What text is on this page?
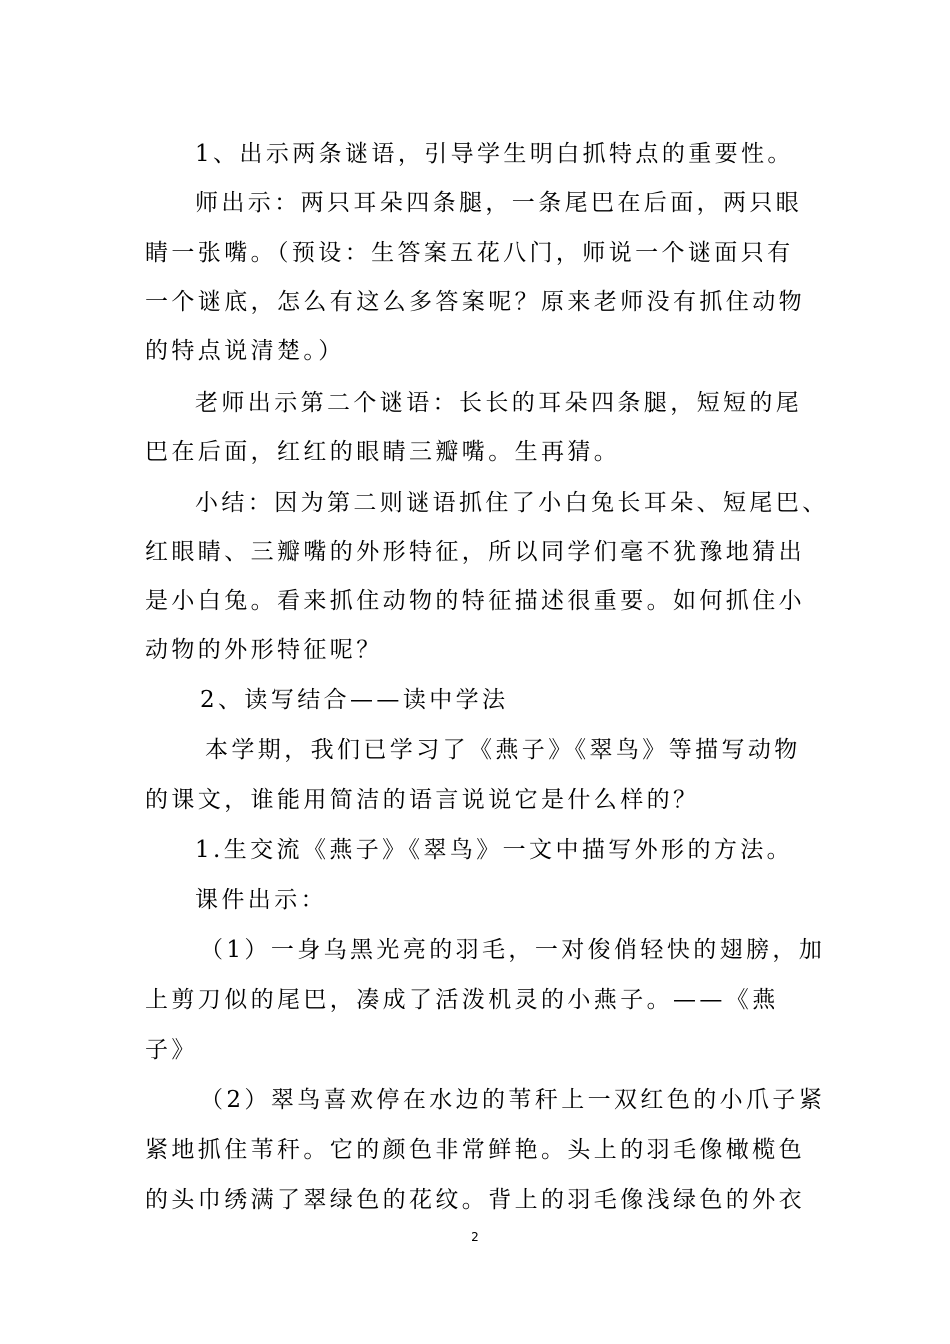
1、出示两条谜语，引导学生明白抓特点的重要性。
师出示：两只耳朵四条腿，一条尾巴在后面，两只眼
睛一张嘴。（预设：生答案五花八门，师说一个谜面只有
一个谜底，怎么有这么多答案呢？原来老师没有抓住动物
的特点说清楚。）
老师出示第二个谜语：长长的耳朵四条腿，短短的尾
巴在后面，红红的眼睛三瓣嘴。生再猜。
小结：因为第二则谜语抓住了小白兔长耳朵、短尾巴、
红眼睛、三瓣嘴的外形特征，所以同学们毫不犹豫地猜出
是小白兔。看来抓住动物的特征描述很重要。如何抓住小
动物的外形特征呢？
2、读写结合——读中学法
本学期，我们已学习了《燕子》《翠鸟》等描写动物
的课文，谁能用简洁的语言说说它是什么样的？
1.生交流《燕子》《翠鸟》一文中描写外形的方法。
课件出示：
（1）一身乌黑光亮的羽毛，一对俊俏轻快的翅膀，加
上剪刀似的尾巴，凑成了活泼机灵的小燕子。——《燕
子》
（2）翠鸟喜欢停在水边的苇秆上一双红色的小爪子紧
紧地抓住苇秆。它的颜色非常鲜艳。头上的羽毛像橄榄色
的头巾绣满了翠绿色的花纹。背上的羽毛像浅绿色的外衣
2
